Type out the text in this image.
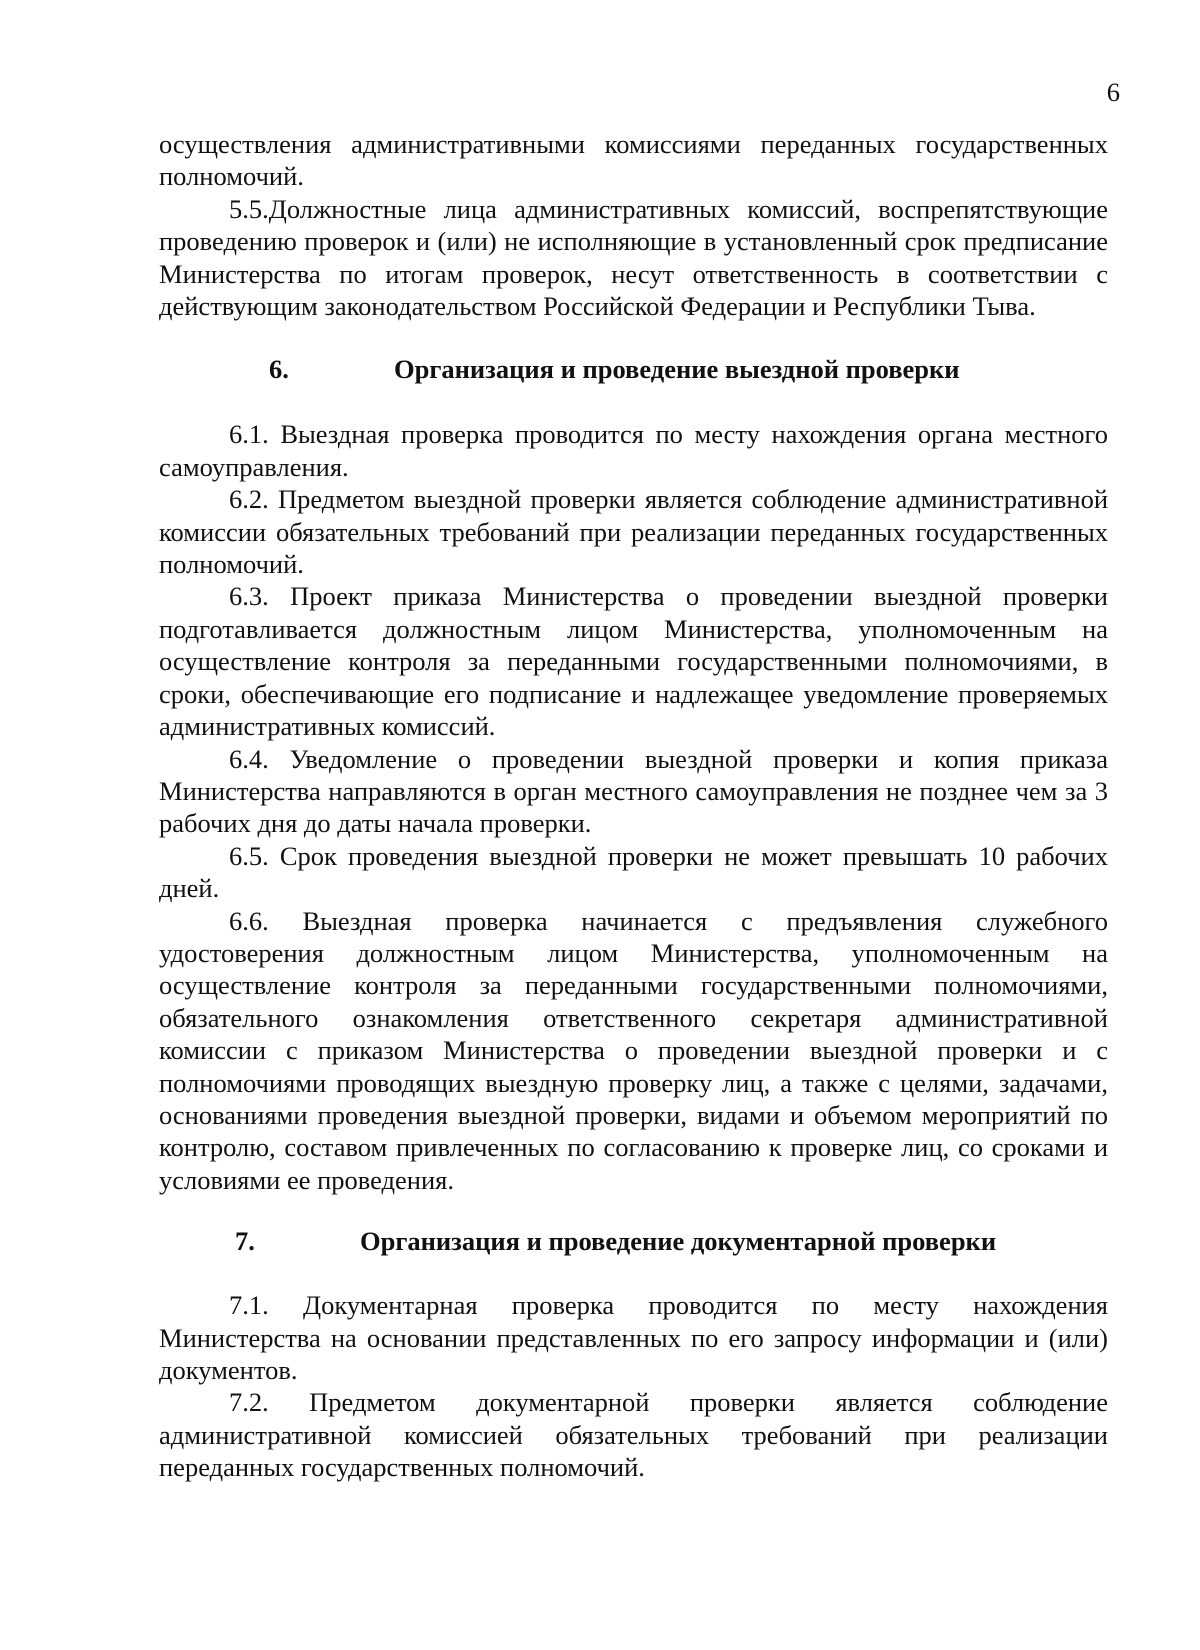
6

осуществления административными комиссиями переданных государственных полномочий.

5.5.Должностные лица административных комиссий, воспрепятствующие проведению проверок и (или) не исполняющие в установленный срок предписание Министерства по итогам проверок, несут ответственность в соответствии с действующим законодательством Российской Федерации и Республики Тыва.

6.	Организация и проведение выездной проверки

6.1. Выездная проверка проводится по месту нахождения органа местного самоуправления.

6.2. Предметом выездной проверки является соблюдение административной комиссии обязательных требований при реализации переданных государственных полномочий.

6.3. Проект приказа Министерства о проведении выездной проверки подготавливается должностным лицом Министерства, уполномоченным на осуществление контроля за переданными государственными полномочиями, в сроки, обеспечивающие его подписание и надлежащее уведомление проверяемых административных комиссий.

6.4. Уведомление о проведении выездной проверки и копия приказа Министерства направляются в орган местного самоуправления не позднее чем за 3 рабочих дня до даты начала проверки.

6.5. Срок проведения выездной проверки не может превышать 10 рабочих дней.

6.6. Выездная проверка начинается с предъявления служебного удостоверения должностным лицом Министерства, уполномоченным на осуществление контроля за переданными государственными полномочиями, обязательного ознакомления ответственного секретаря административной комиссии с приказом Министерства о проведении выездной проверки и с полномочиями проводящих выездную проверку лиц, а также с целями, задачами, основаниями проведения выездной проверки, видами и объемом мероприятий по контролю, составом привлеченных по согласованию к проверке лиц, со сроками и условиями ее проведения.

7.	Организация и проведение документарной проверки

7.1. Документарная проверка проводится по месту нахождения Министерства на основании представленных по его запросу информации и (или) документов.

7.2. Предметом документарной проверки является соблюдение административной комиссией обязательных требований при реализации переданных государственных полномочий.
